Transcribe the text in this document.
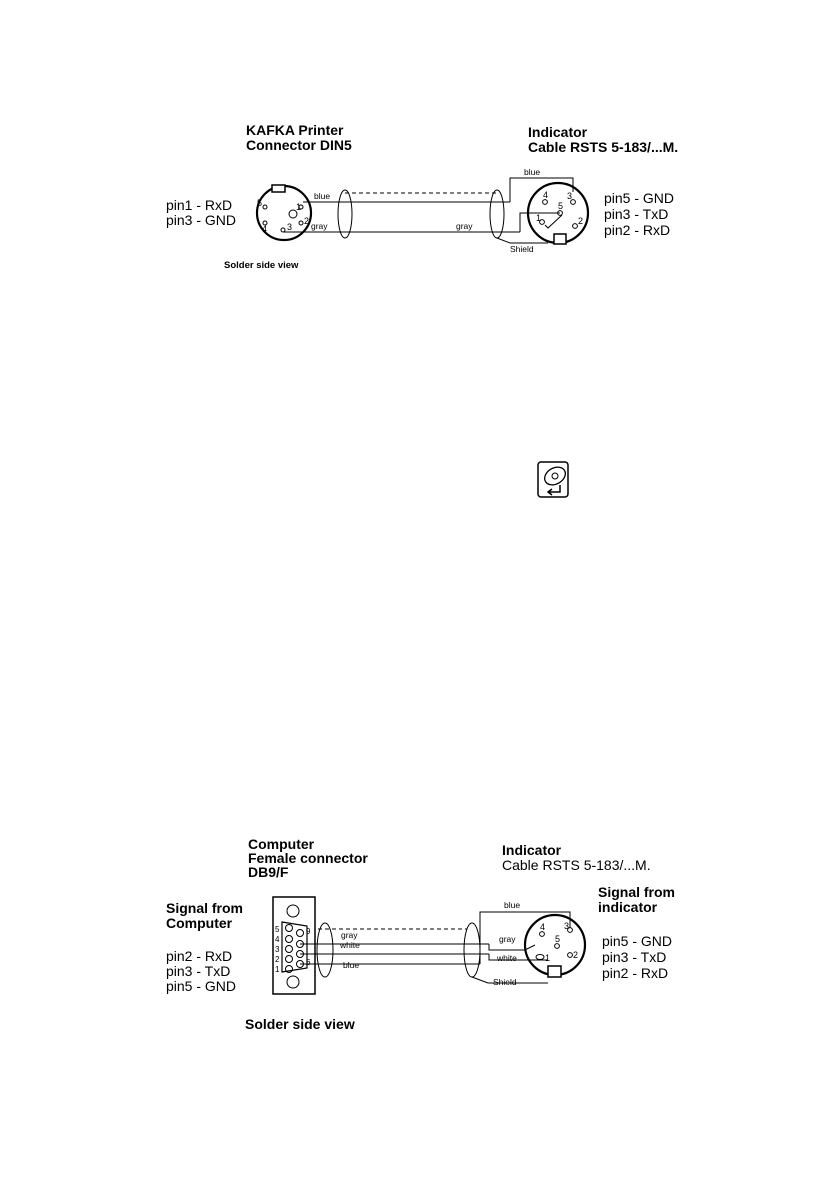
KAFKA Printer
Connector DIN5
Indicator
Cable RSTS 5-183/...M.
pin1 - RxD
pin3 - GND
pin5 - GND
pin3 - TxD
pin2 - RxD
Solder side view
Computer
Female connector
DB9/F
Indicator
Cable RSTS 5-183/...M.
Signal from
Computer
Signal from
indicator
pin2 - RxD
pin3 - TxD
pin5 - GND
pin5 - GND
pin3 - TxD
pin2 - RxD
Solder side view
blue
gray	gray
blue
Shield
gray
white
blue
blue
gray
white
Shield
5
4 3
2
1
4 3
1
5
2
5
4
3
2
1
9
6
4 3
5
1	2
